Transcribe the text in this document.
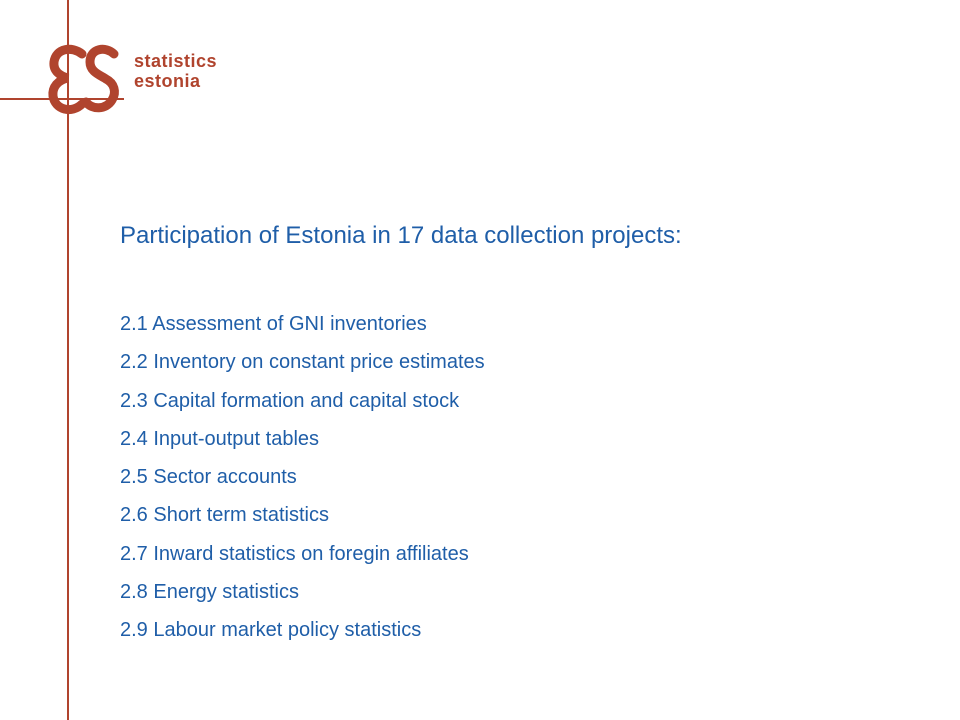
statistics
estonia
Participation of Estonia in 17 data collection projects:
2.1 Assessment of GNI inventories
2.2 Inventory on constant price estimates
2.3 Capital formation and capital stock
2.4 Input-output tables
2.5 Sector accounts
2.6 Short term statistics
2.7 Inward statistics on foregin affiliates
2.8 Energy statistics
2.9 Labour market policy statistics
